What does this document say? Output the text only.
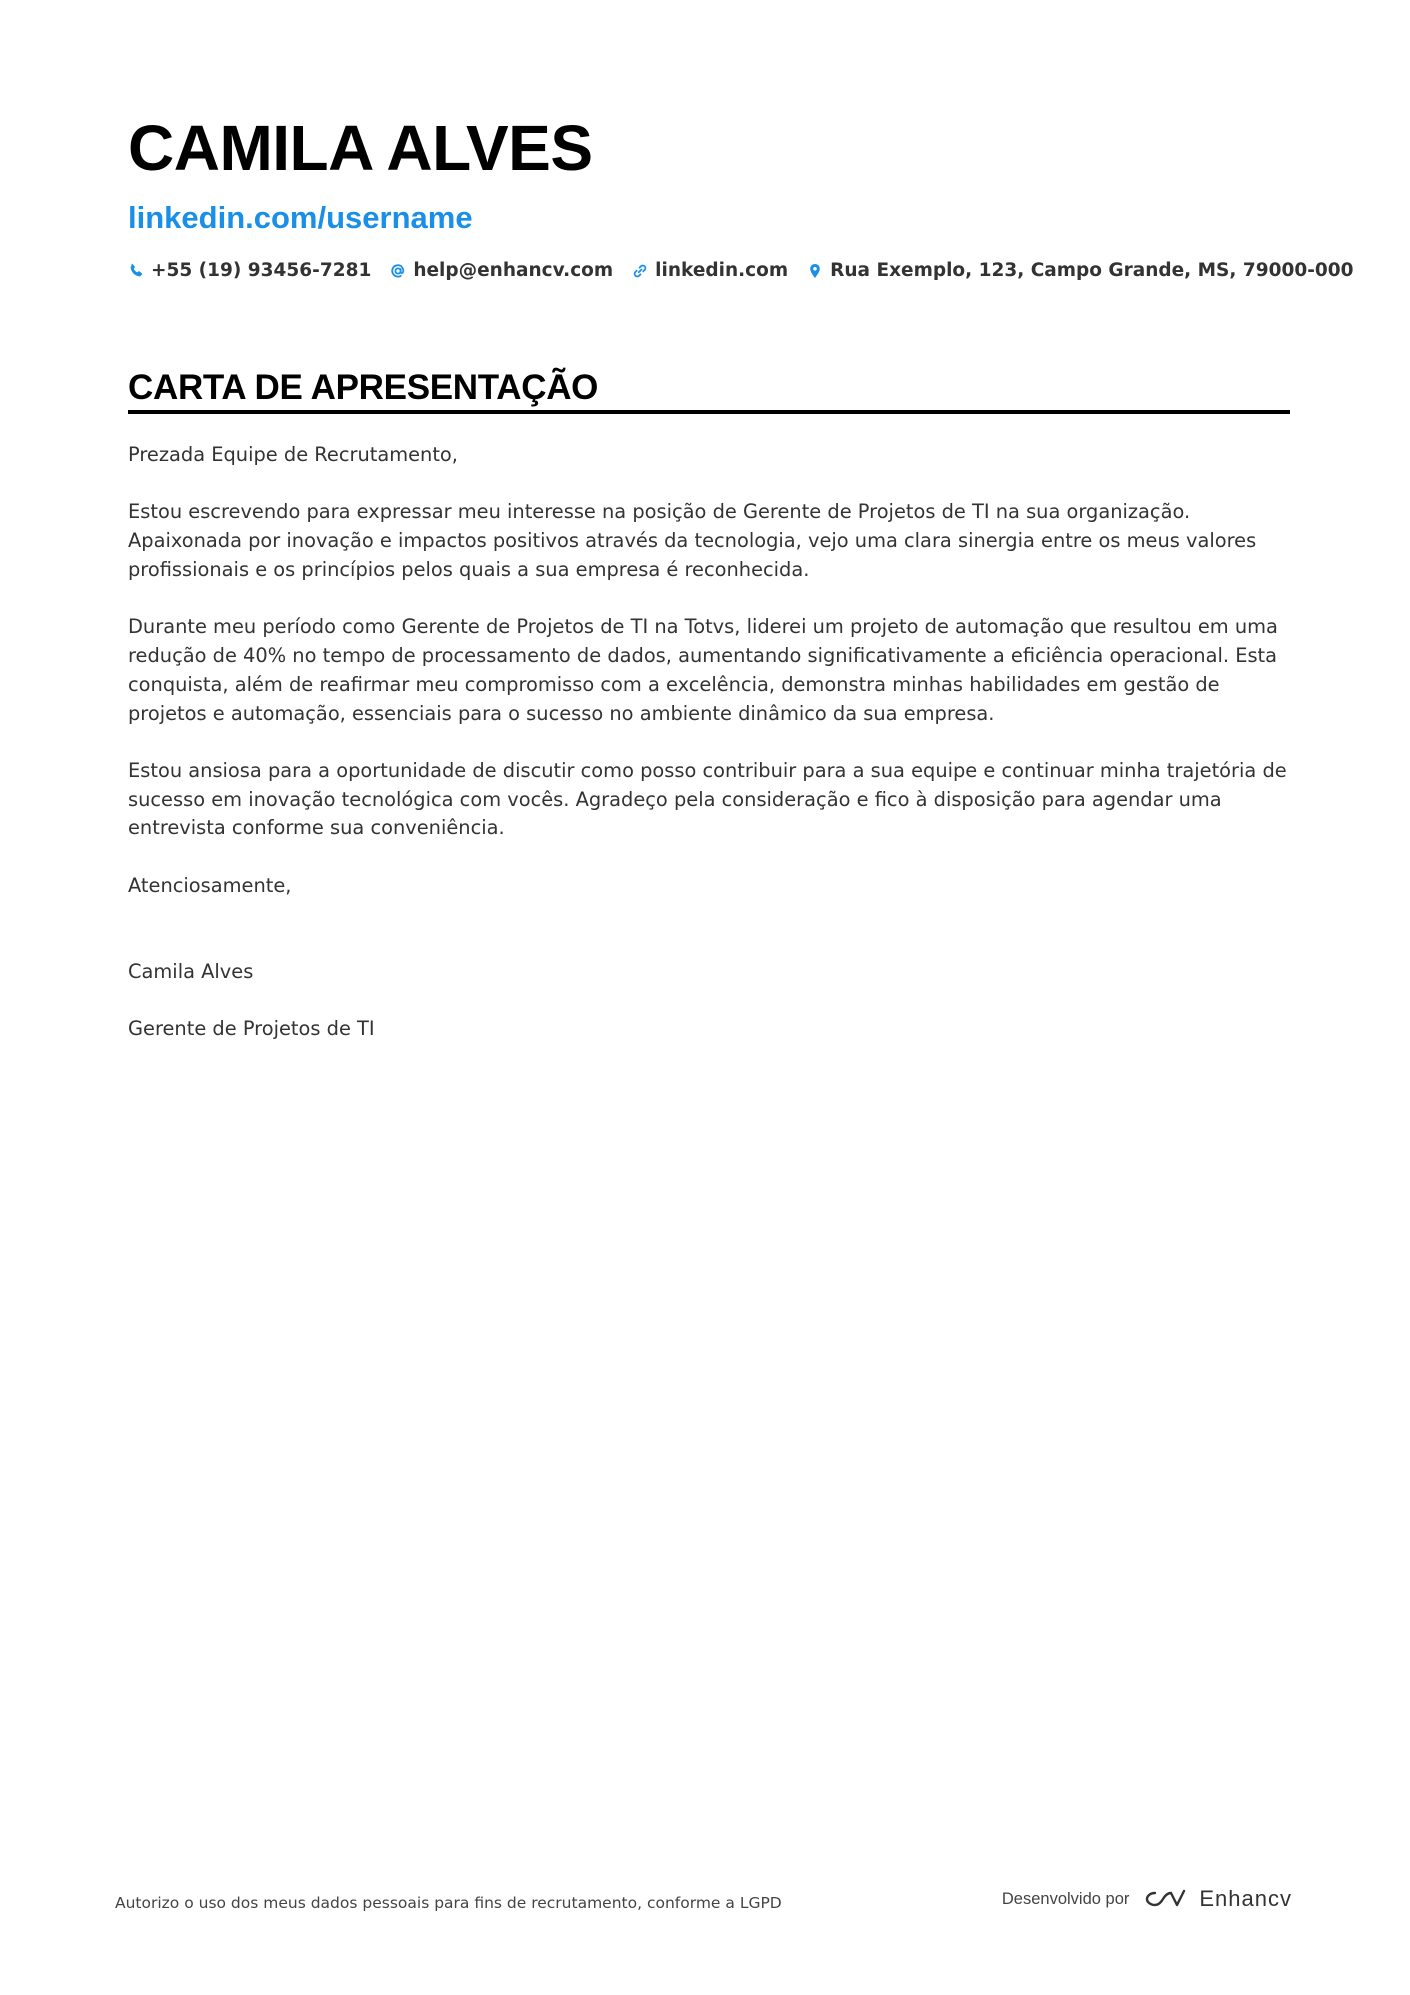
CAMILA ALVES
linkedin.com/username
+55 (19) 93456-7281 help@enhancv.com linkedin.com Rua Exemplo, 123, Campo Grande, MS, 79000-000
CARTA DE APRESENTAÇÃO

Prezada Equipe de Recrutamento,

Estou escrevendo para expressar meu interesse na posição de Gerente de Projetos de TI na sua organização. Apaixonada por inovação e impactos positivos através da tecnologia, vejo uma clara sinergia entre os meus valores profissionais e os princípios pelos quais a sua empresa é reconhecida.

Durante meu período como Gerente de Projetos de TI na Totvs, liderei um projeto de automação que resultou em uma redução de 40% no tempo de processamento de dados, aumentando significativamente a eficiência operacional. Esta conquista, além de reafirmar meu compromisso com a excelência, demonstra minhas habilidades em gestão de projetos e automação, essenciais para o sucesso no ambiente dinâmico da sua empresa.

Estou ansiosa para a oportunidade de discutir como posso contribuir para a sua equipe e continuar minha trajetória de sucesso em inovação tecnológica com vocês. Agradeço pela consideração e fico à disposição para agendar uma entrevista conforme sua conveniência.

Atenciosamente,

Camila Alves

Gerente de Projetos de TI

Autorizo o uso dos meus dados pessoais para fins de recrutamento, conforme a LGPD	Desenvolvido por	Enhancv
